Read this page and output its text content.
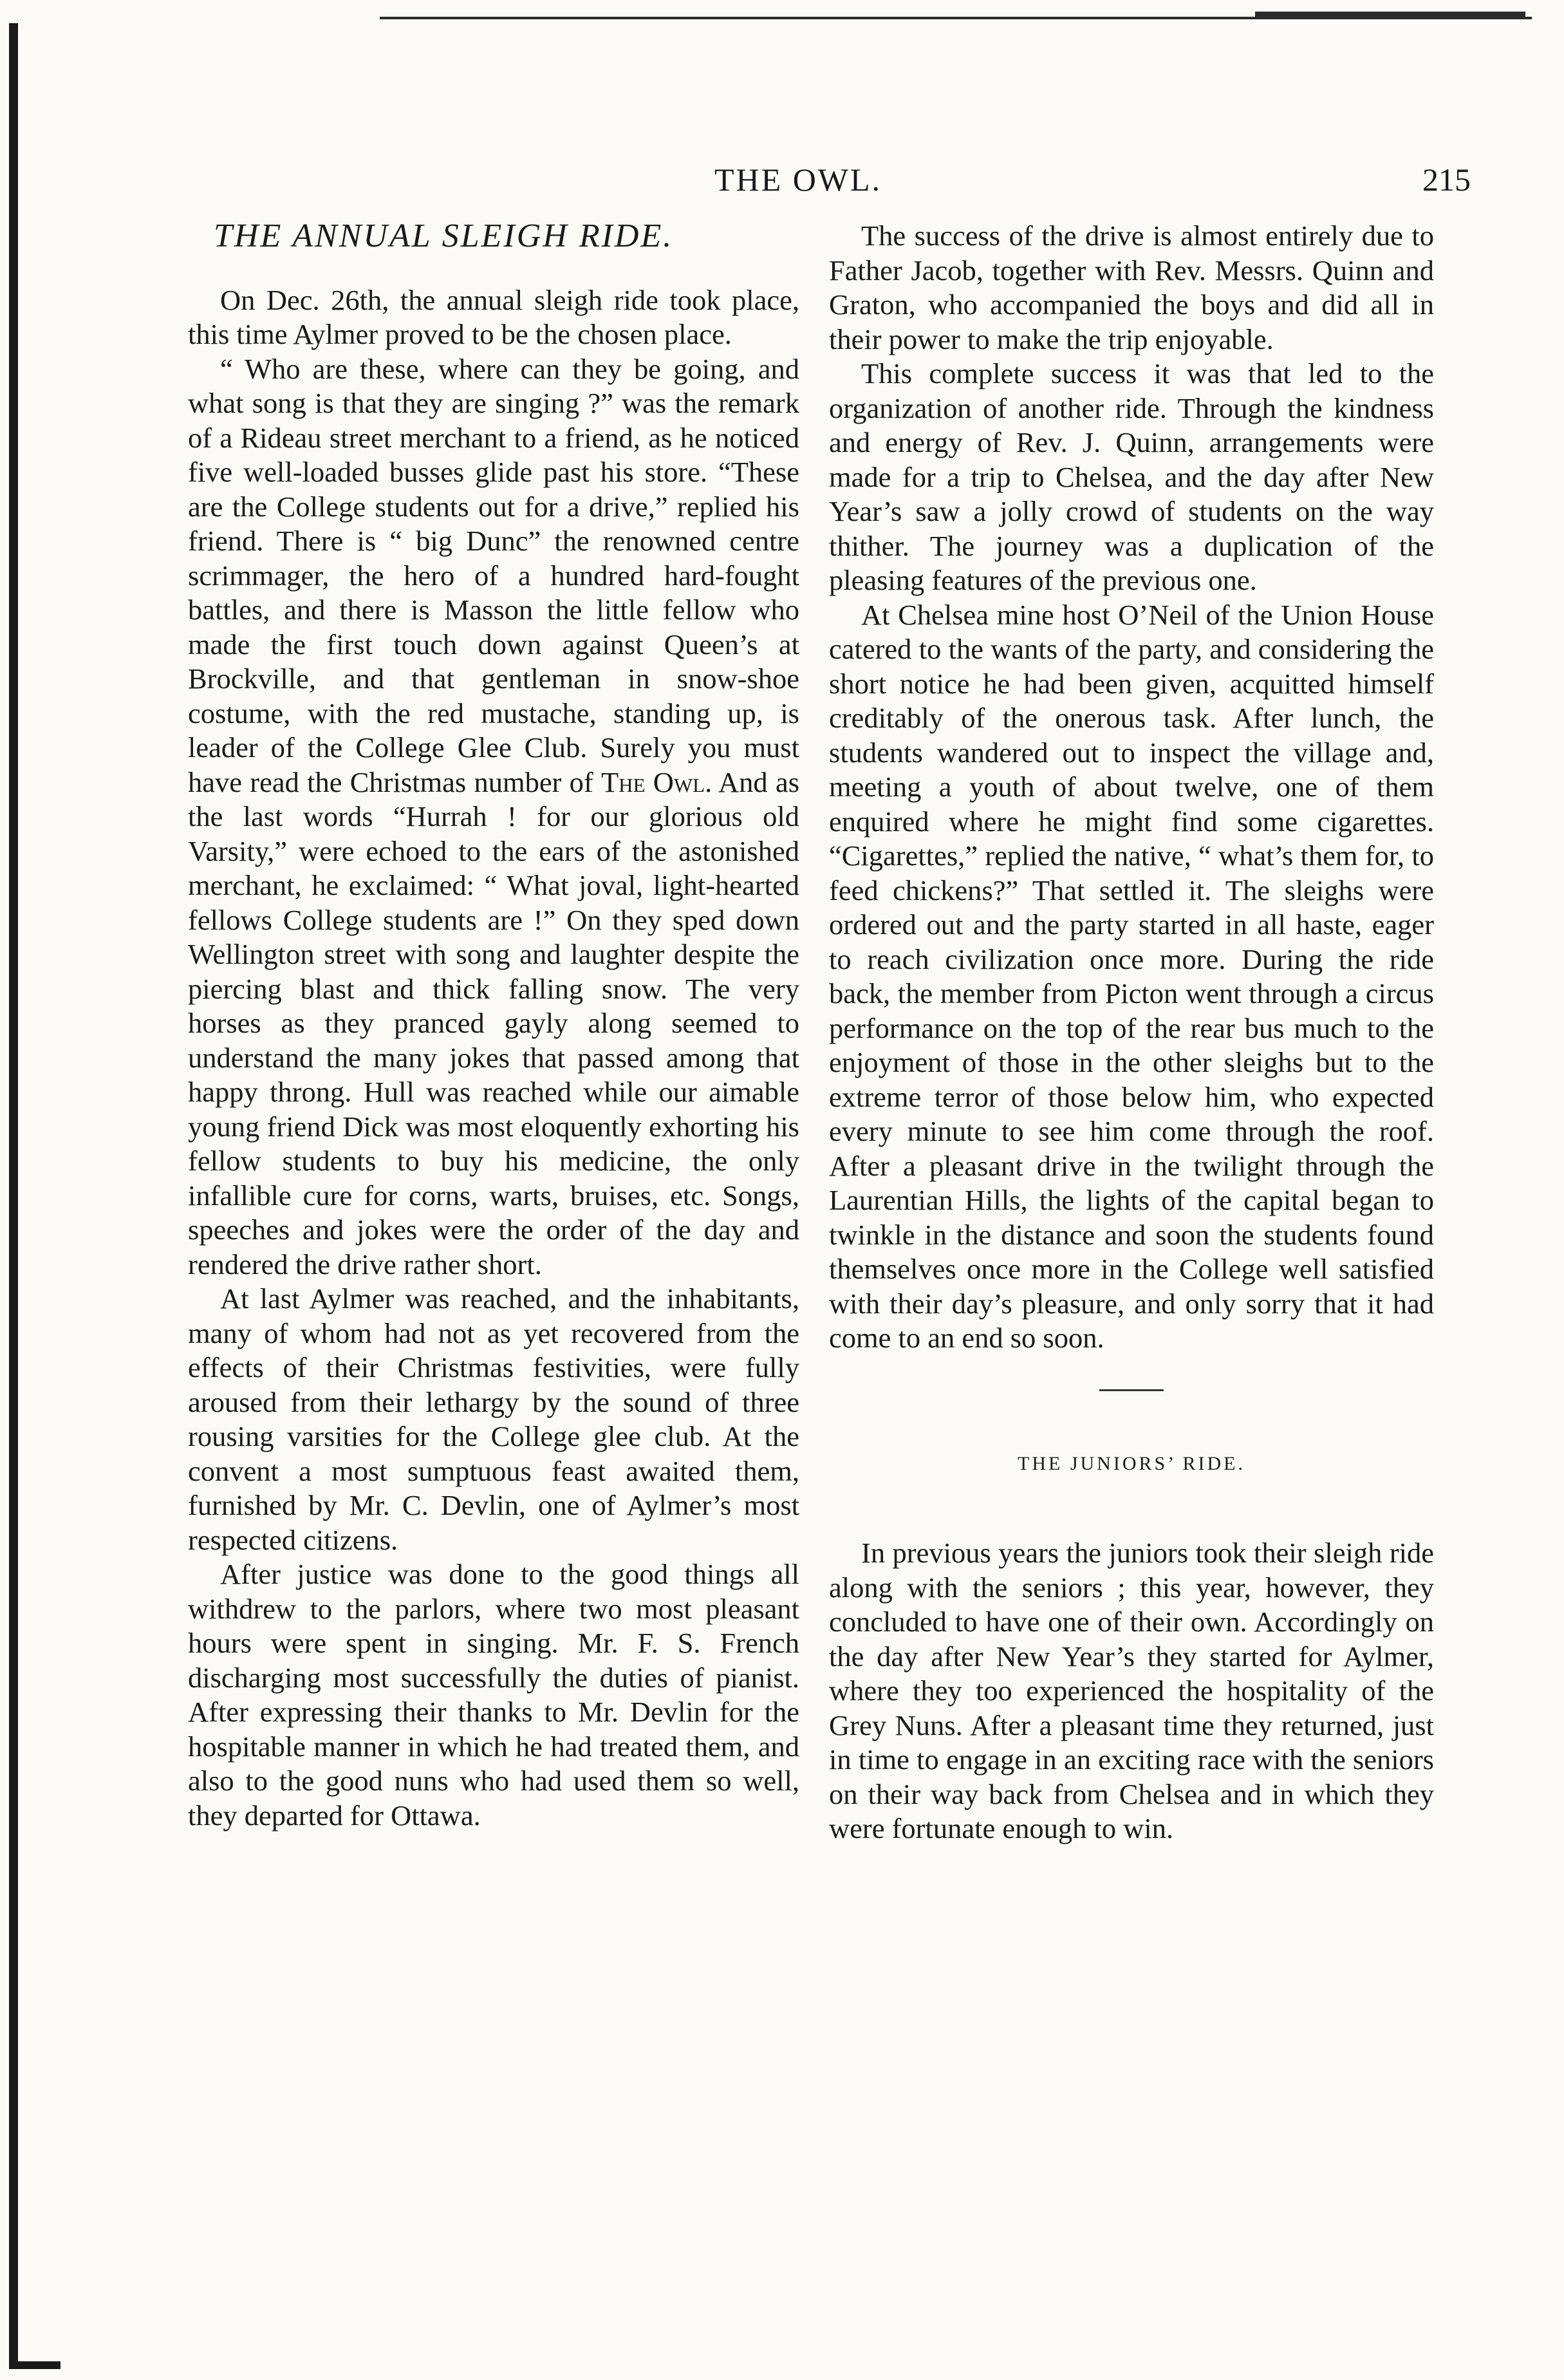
THE OWL.	215
THE ANNUAL SLEIGH RIDE.

On Dec. 26th, the annual sleigh ride took place, this time Aylmer proved to be the chosen place.

“ Who are these, where can they be going, and what song is that they are singing ?” was the remark of a Rideau street merchant to a friend, as he noticed five well-loaded busses glide past his store. “These are the College students out for a drive,” replied his friend. There is “ big Dunc” the renowned centre scrimmager, the hero of a hundred hard-fought battles, and there is Masson the little fellow who made the first touch down against Queen’s at Brockville, and that gentleman in snow-shoe costume, with the red mustache, standing up, is leader of the College Glee Club. Surely you must have read the Christmas number of The Owl. And as the last words “Hurrah ! for our glorious old Varsity,” were echoed to the ears of the astonished merchant, he exclaimed: “ What joval, light-hearted fellows College students are !” On they sped down Wellington street with song and laughter despite the piercing blast and thick falling snow. The very horses as they pranced gayly along seemed to understand the many jokes that passed among that happy throng. Hull was reached while our aimable young friend Dick was most eloquently exhorting his fellow students to buy his medicine, the only infallible cure for corns, warts, bruises, etc. Songs, speeches and jokes were the order of the day and rendered the drive rather short.

At last Aylmer was reached, and the inhabitants, many of whom had not as yet recovered from the effects of their Christmas festivities, were fully aroused from their lethargy by the sound of three rousing varsities for the College glee club. At the convent a most sumptuous feast awaited them, furnished by Mr. C. Devlin, one of Aylmer’s most respected citizens.

After justice was done to the good things all withdrew to the parlors, where two most pleasant hours were spent in singing. Mr. F. S. French discharging most successfully the duties of pianist. After expressing their thanks to Mr. Devlin for the hospitable manner in which he had treated them, and also to the good nuns who had used them so well, they departed for Ottawa.

The success of the drive is almost entirely due to Father Jacob, together with Rev. Messrs. Quinn and Graton, who accompanied the boys and did all in their power to make the trip enjoyable.

This complete success it was that led to the organization of another ride. Through the kindness and energy of Rev. J. Quinn, arrangements were made for a trip to Chelsea, and the day after New Year’s saw a jolly crowd of students on the way thither. The journey was a duplication of the pleasing features of the previous one.

At Chelsea mine host O’Neil of the Union House catered to the wants of the party, and considering the short notice he had been given, acquitted himself creditably of the onerous task. After lunch, the students wandered out to inspect the village and, meeting a youth of about twelve, one of them enquired where he might find some cigarettes. “Cigarettes,” replied the native, “ what’s them for, to feed chickens?” That settled it. The sleighs were ordered out and the party started in all haste, eager to reach civilization once more. During the ride back, the member from Picton went through a circus performance on the top of the rear bus much to the enjoyment of those in the other sleighs but to the extreme terror of those below him, who expected every minute to see him come through the roof. After a pleasant drive in the twilight through the Laurentian Hills, the lights of the capital began to twinkle in the distance and soon the students found themselves once more in the College well satisfied with their day’s pleasure, and only sorry that it had come to an end so soon.

THE JUNIORS’ RIDE.

In previous years the juniors took their sleigh ride along with the seniors ; this year, however, they concluded to have one of their own. Accordingly on the day after New Year’s they started for Aylmer, where they too experienced the hospitality of the Grey Nuns. After a pleasant time they returned, just in time to engage in an exciting race with the seniors on their way back from Chelsea and in which they were fortunate enough to win.
